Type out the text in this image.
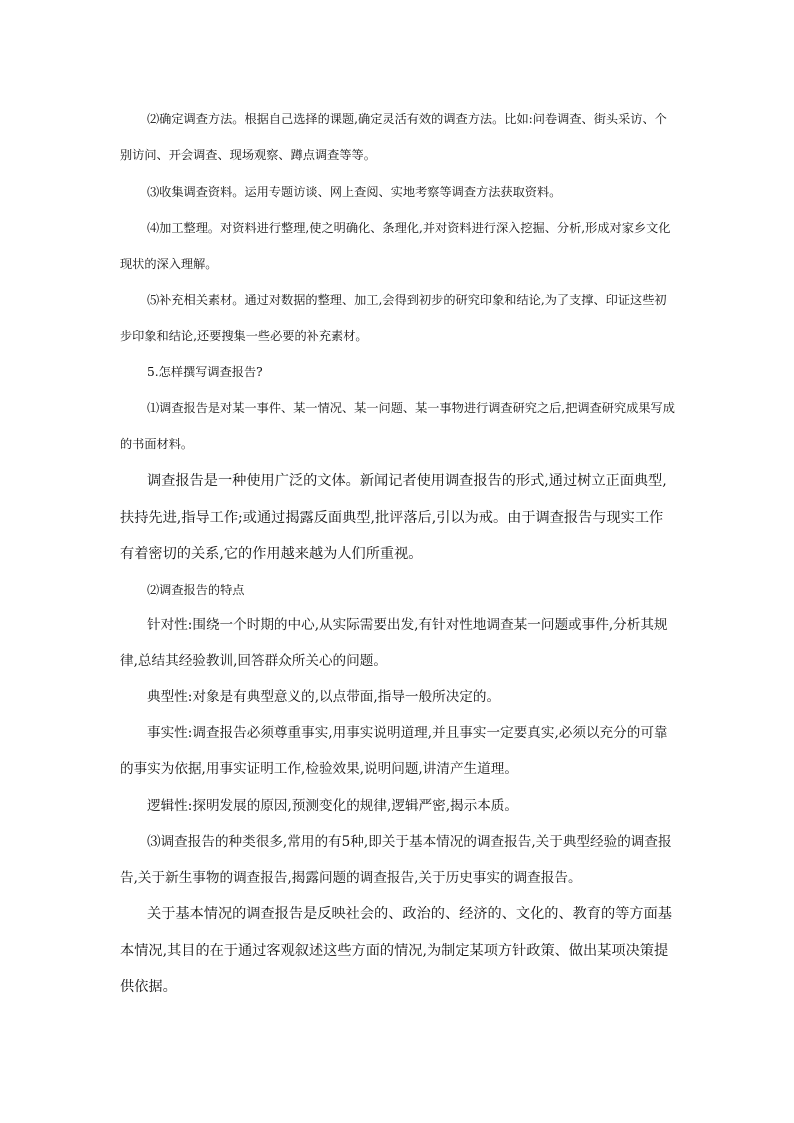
⑵确定调查方法。根据自己选择的课题,确定灵活有效的调查方法。比如:问卷调查、街头采访、个别访问、开会调查、现场观察、蹲点调查等等。

⑶收集调查资料。运用专题访谈、网上查阅、实地考察等调查方法获取资料。

⑷加工整理。对资料进行整理,使之明确化、条理化,并对资料进行深入挖掘、分析,形成对家乡文化现状的深入理解。

⑸补充相关素材。通过对数据的整理、加工,会得到初步的研究印象和结论,为了支撑、印证这些初步印象和结论,还要搜集一些必要的补充素材。

5.怎样撰写调查报告?

⑴调查报告是对某一事件、某一情况、某一问题、某一事物进行调查研究之后,把调查研究成果写成的书面材料。

调查报告是一种使用广泛的文体。新闻记者使用调查报告的形式,通过树立正面典型,扶持先进,指导工作;或通过揭露反面典型,批评落后,引以为戒。由于调查报告与现实工作有着密切的关系,它的作用越来越为人们所重视。

⑵调查报告的特点

针对性:围绕一个时期的中心,从实际需要出发,有针对性地调查某一问题或事件,分析其规律,总结其经验教训,回答群众所关心的问题。

典型性:对象是有典型意义的,以点带面,指导一般所决定的。

事实性:调查报告必须尊重事实,用事实说明道理,并且事实一定要真实,必须以充分的可靠的事实为依据,用事实证明工作,检验效果,说明问题,讲清产生道理。

逻辑性:探明发展的原因,预测变化的规律,逻辑严密,揭示本质。

⑶调查报告的种类很多,常用的有5种,即关于基本情况的调查报告,关于典型经验的调查报告,关于新生事物的调查报告,揭露问题的调查报告,关于历史事实的调查报告。

关于基本情况的调查报告是反映社会的、政治的、经济的、文化的、教育的等方面基本情况,其目的在于通过客观叙述这些方面的情况,为制定某项方针政策、做出某项决策提供依据。
